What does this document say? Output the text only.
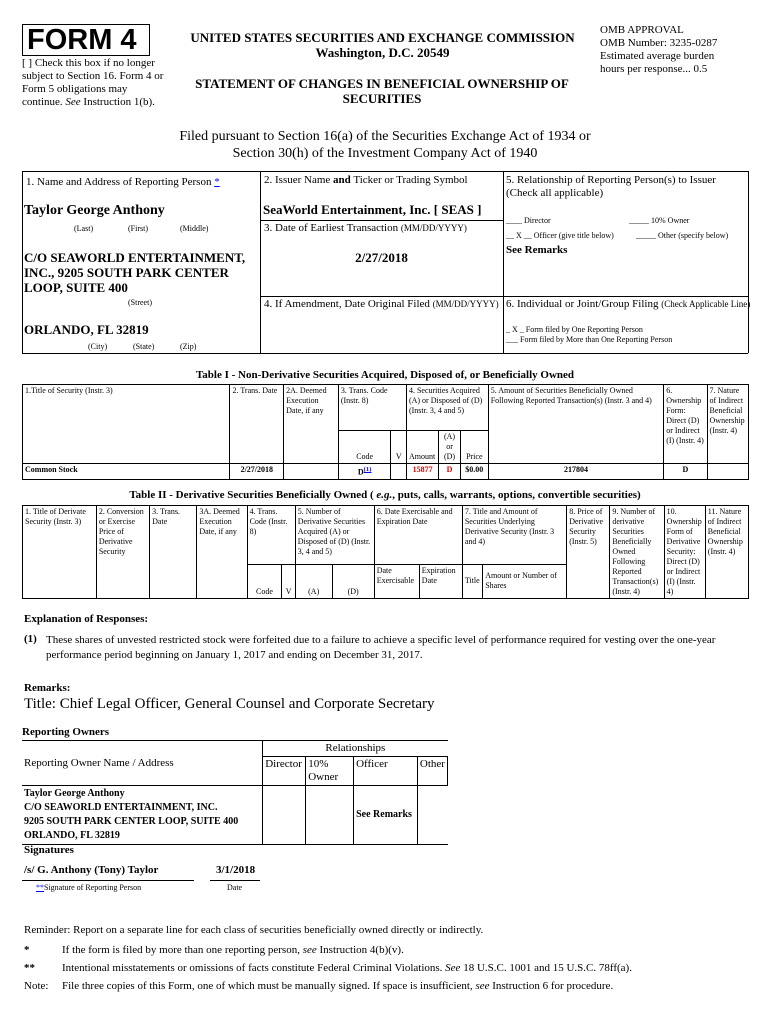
FORM 4
[ ] Check this box if no longer subject to Section 16. Form 4 or Form 5 obligations may continue. See Instruction 1(b).
UNITED STATES SECURITIES AND EXCHANGE COMMISSION
Washington, D.C. 20549
STATEMENT OF CHANGES IN BENEFICIAL OWNERSHIP OF SECURITIES
OMB APPROVAL
OMB Number: 3235-0287
Estimated average burden
hours per response... 0.5
Filed pursuant to Section 16(a) of the Securities Exchange Act of 1934 or
Section 30(h) of the Investment Company Act of 1940
1. Name and Address of Reporting Person *
Taylor George Anthony
(Last)	(First)	(Middle)
C/O SEAWORLD ENTERTAINMENT,
INC., 9205 SOUTH PARK CENTER
LOOP, SUITE 400
(Street)
ORLANDO, FL 32819
(City)	(State)	(Zip)
2. Issuer Name and Ticker or Trading Symbol
SeaWorld Entertainment, Inc. [ SEAS ]
3. Date of Earliest Transaction (MM/DD/YYYY)
2/27/2018
4. If Amendment, Date Original Filed (MM/DD/YYYY)
5. Relationship of Reporting Person(s) to Issuer
(Check all applicable)
____ Director	_____ 10% Owner
__ X __ Officer (give title below)	_____ Other (specify below)
See Remarks
6. Individual or Joint/Group Filing (Check Applicable Line)
_ X _ Form filed by One Reporting Person
___ Form filed by More than One Reporting Person
Table I - Non-Derivative Securities Acquired, Disposed of, or Beneficially Owned
1.Title of Security (Instr. 3)	2. Trans. Date	2A. Deemed Execution Date, if any	3. Trans. Code (Instr. 8)		4. Securities Acquired (A) or Disposed of (D) (Instr. 3, 4 and 5)			5. Amount of Securities Beneficially Owned Following Reported Transaction(s) (Instr. 3 and 4)	6. Ownership Form: Direct (D) or Indirect (I) (Instr. 4)	7. Nature of Indirect Beneficial Ownership (Instr. 4)
			Code	V	Amount	(A) or (D)	Price			
Common Stock	2/27/2018		$D^{(1)}$		15877	D	$0.00	217804	D	
Table II - Derivative Securities Beneficially Owned ( e.g., puts, calls, warrants, options, convertible securities)
1. Title of Derivate Security (Instr. 3)	2. Conversion or Exercise Price of Derivative Security	3. Trans. Date	3A. Deemed Execution Date, if any	4. Trans. Code (Instr. 8)		5. Number of Derivative Securities Acquired (A) or Disposed of (D) (Instr. 3, 4 and 5)		6. Date Exercisable and Expiration Date		7. Title and Amount of Securities Underlying Derivative Security (Instr. 3 and 4)		8. Price of Derivative Security (Instr. 5)	9. Number of derivative Securities Beneficially Owned Following Reported Transaction(s) (Instr. 4)	10. Ownership Form of Derivative Security: Direct (D) or Indirect (I) (Instr. 4)	11. Nature of Indirect Beneficial Ownership (Instr. 4)
				Code	V	(A)	(D)	Date Exercisable	Expiration Date	Title	Amount or Number of Shares				
Explanation of Responses:
(1) These shares of unvested restricted stock were forfeited due to a failure to achieve a specific level of performance required for vesting over the one-year performance period beginning on January 1, 2017 and ending on December 31, 2017.
Remarks:
Title: Chief Legal Officer, General Counsel and Corporate Secretary
Reporting Owners
Reporting Owner Name / Address	Relationships			
	Director	10% Owner	Officer	Other

Taylor George Anthony
C/O SEAWORLD ENTERTAINMENT, INC.
9205 SOUTH PARK CENTER LOOP, SUITE 400
ORLANDO, FL 32819			See Remarks	
Signatures
/s/ G. Anthony (Tony) Taylor	3/1/2018
**Signature of Reporting Person	Date
Reminder: Report on a separate line for each class of securities beneficially owned directly or indirectly.
*	If the form is filed by more than one reporting person, see Instruction 4(b)(v).
** Intentional misstatements or omissions of facts constitute Federal Criminal Violations. See 18 U.S.C. 1001 and 15 U.S.C. 78ff(a).
Note: File three copies of this Form, one of which must be manually signed. If space is insufficient, see Instruction 6 for procedure.
